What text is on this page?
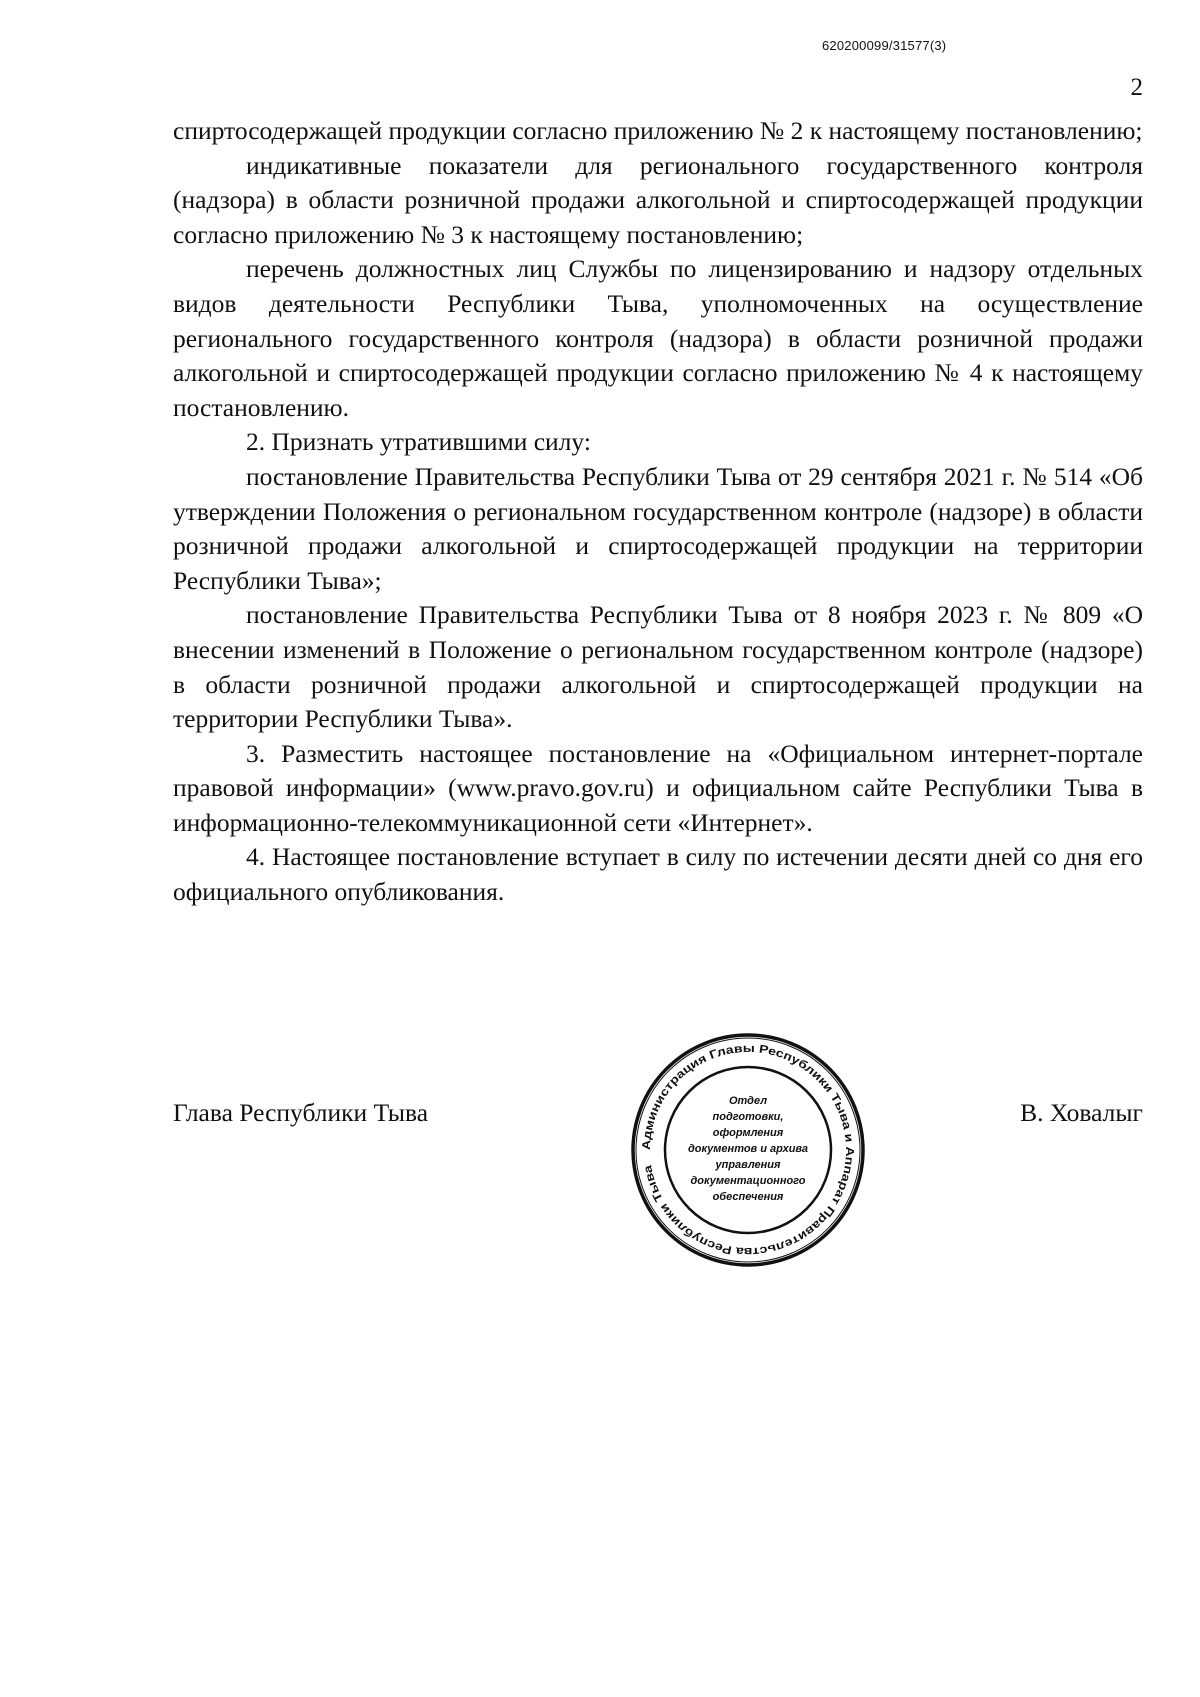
620200099/31577(3)
2

спиртосодержащей продукции согласно приложению № 2 к настоящему постановлению;

индикативные показатели для регионального государственного контроля (надзора) в области розничной продажи алкогольной и спиртосодержащей продукции согласно приложению № 3 к настоящему постановлению;

перечень должностных лиц Службы по лицензированию и надзору отдельных видов деятельности Республики Тыва, уполномоченных на осуществление регионального государственного контроля (надзора) в области розничной продажи алкогольной и спиртосодержащей продукции согласно приложению № 4 к настоящему постановлению.

2. Признать утратившими силу:

постановление Правительства Республики Тыва от 29 сентября 2021 г. № 514 «Об утверждении Положения о региональном государственном контроле (надзоре) в области розничной продажи алкогольной и спиртосодержащей продукции на территории Республики Тыва»;

постановление Правительства Республики Тыва от 8 ноября 2023 г. № 809 «О внесении изменений в Положение о региональном государственном контроле (надзоре) в области розничной продажи алкогольной и спиртосодержащей продукции на территории Республики Тыва».

3. Разместить настоящее постановление на «Официальном интернет-портале правовой информации» (www.pravo.gov.ru) и официальном сайте Республики Тыва в информационно-телекоммуникационной сети «Интернет».

4. Настоящее постановление вступает в силу по истечении десяти дней со дня его официального опубликования.

Глава Республики Тыва	В. Ховалыг
Администрация Главы Республики Тыва и Аппарат Правительства Республики Тыва
Отдел
подготовки,
оформления
документов и архива
управления
документационного
обеспечения
